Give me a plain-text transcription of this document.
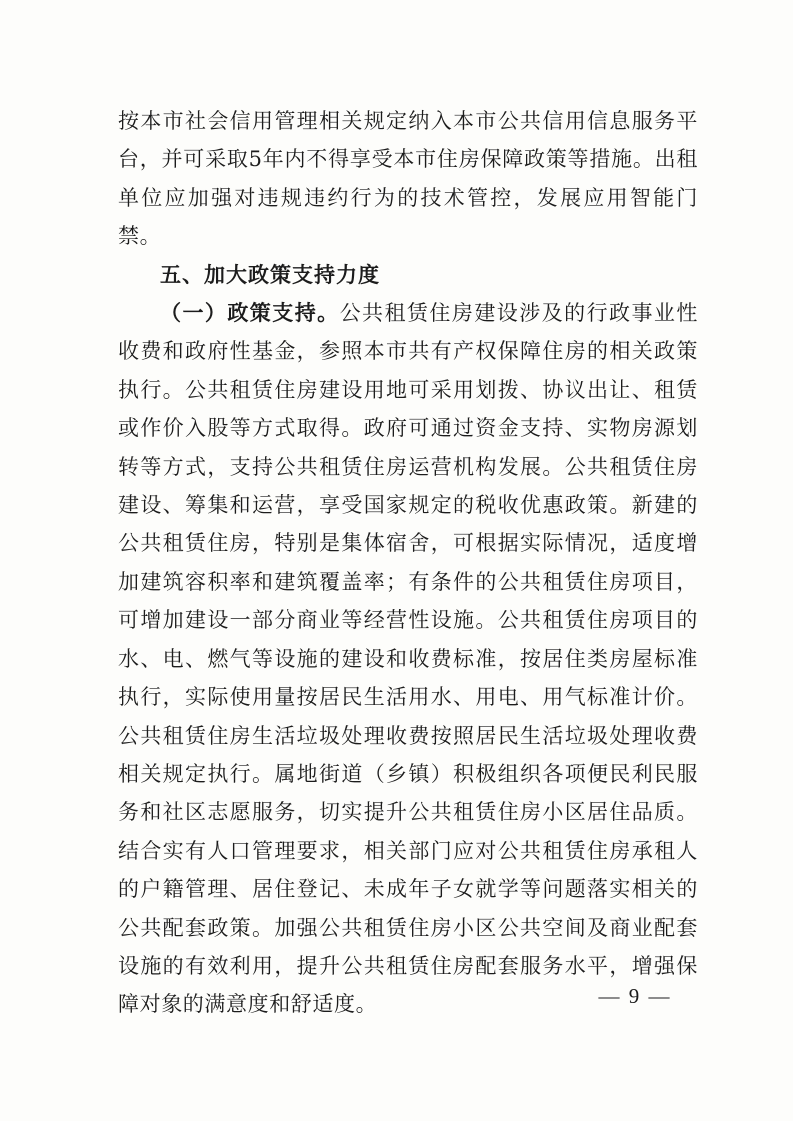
按本市社会信用管理相关规定纳入本市公共信用信息服务平台，并可采取5年内不得享受本市住房保障政策等措施。出租单位应加强对违规违约行为的技术管控，发展应用智能门禁。

五、加大政策支持力度

（一）政策支持。公共租赁住房建设涉及的行政事业性收费和政府性基金，参照本市共有产权保障住房的相关政策执行。公共租赁住房建设用地可采用划拨、协议出让、租赁或作价入股等方式取得。政府可通过资金支持、实物房源划转等方式，支持公共租赁住房运营机构发展。公共租赁住房建设、筹集和运营，享受国家规定的税收优惠政策。新建的公共租赁住房，特别是集体宿舍，可根据实际情况，适度增加建筑容积率和建筑覆盖率；有条件的公共租赁住房项目，可增加建设一部分商业等经营性设施。公共租赁住房项目的水、电、燃气等设施的建设和收费标准，按居住类房屋标准执行，实际使用量按居民生活用水、用电、用气标准计价。公共租赁住房生活垃圾处理收费按照居民生活垃圾处理收费相关规定执行。属地街道（乡镇）积极组织各项便民利民服务和社区志愿服务，切实提升公共租赁住房小区居住品质。结合实有人口管理要求，相关部门应对公共租赁住房承租人的户籍管理、居住登记、未成年子女就学等问题落实相关的公共配套政策。加强公共租赁住房小区公共空间及商业配套设施的有效利用，提升公共租赁住房配套服务水平，增强保障对象的满意度和舒适度。	— 9 —
